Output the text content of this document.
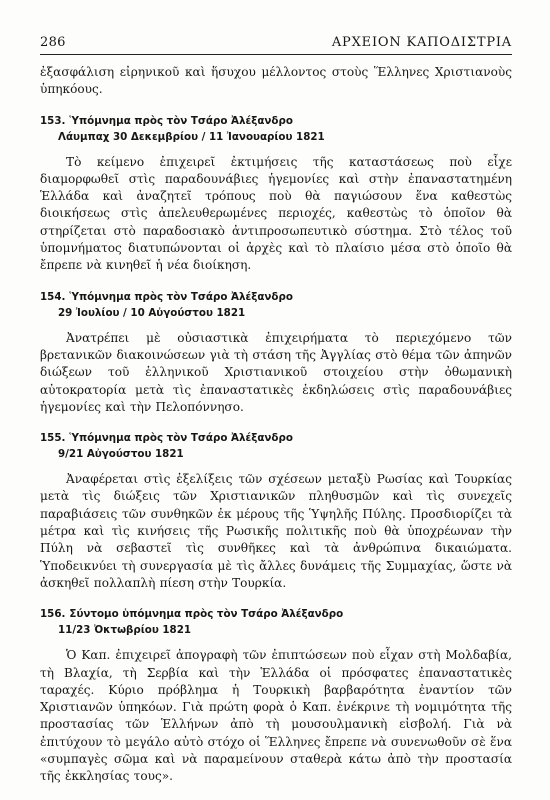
286	ΑΡΧΕΙΟΝ ΚΑΠΟΔΙΣΤΡΙΑ

ἐξασφάλιση εἰρηνικοῦ καὶ ἥσυχου μέλλοντος στοὺς Ἕλληνες Χριστιανοὺς ὑπηκόους.

153. Ὑπόμνημα πρὸς τὸν Τσάρο Ἀλέξανδρο
Λάυμπαχ 30 Δεκεμβρίου / 11 Ἰανουαρίου 1821

Τὸ κείμενο ἐπιχειρεῖ ἐκτιμήσεις τῆς καταστάσεως ποὺ εἶχε διαμορφωθεῖ στὶς παραδουνάβιες ἡγεμονίες καὶ στὴν ἐπαναστατημένη Ἑλλάδα καὶ ἀναζητεῖ τρόπους ποὺ θὰ παγιώσουν ἕνα καθεστὼς διοικήσεως στὶς ἀπελευθερωμένες περιοχές, καθεστὼς τὸ ὁποῖον θὰ στηρίζεται στὸ παραδοσιακὸ ἀντιπροσωπευτικὸ σύστημα. Στὸ τέλος τοῦ ὑπομνήματος διατυπώνονται οἱ ἀρχὲς καὶ τὸ πλαίσιο μέσα στὸ ὁποῖο θὰ ἔπρεπε νὰ κινηθεῖ ἡ νέα διοίκηση.

154. Ὑπόμνημα πρὸς τὸν Τσάρο Ἀλέξανδρο
29 Ἰουλίου / 10 Αὐγούστου 1821

Ἀνατρέπει μὲ οὐσιαστικὰ ἐπιχειρήματα τὸ περιεχόμενο τῶν βρετανικῶν διακοινώσεων γιὰ τὴ στάση τῆς Ἀγγλίας στὸ θέμα τῶν ἀπηνῶν διώξεων τοῦ ἑλληνικοῦ Χριστιανικοῦ στοιχείου στὴν ὀθωμανικὴ αὐτοκρατορία μετὰ τὶς ἐπαναστατικὲς ἐκδηλώσεις στὶς παραδουνάβιες ἡγεμονίες καὶ τὴν Πελοπόννησο.

155. Ὑπόμνημα πρὸς τὸν Τσάρο Ἀλέξανδρο
9/21 Αὐγούστου 1821

Ἀναφέρεται στὶς ἐξελίξεις τῶν σχέσεων μεταξὺ Ρωσίας καὶ Τουρκίας μετὰ τὶς διώξεις τῶν Χριστιανικῶν πληθυσμῶν καὶ τὶς συνεχεῖς παραβιάσεις τῶν συνθηκῶν ἐκ μέρους τῆς Ὑψηλῆς Πύλης. Προσδιορίζει τὰ μέτρα καὶ τὶς κινήσεις τῆς Ρωσικῆς πολιτικῆς ποὺ θὰ ὑποχρέωναν τὴν Πύλη νὰ σεβαστεῖ τὶς συνθῆκες καὶ τὰ ἀνθρώπινα δικαιώματα. Ὑποδεικνύει τὴ συνεργασία μὲ τὶς ἄλλες δυνάμεις τῆς Συμμαχίας, ὥστε νὰ ἀσκηθεῖ πολλαπλὴ πίεση στὴν Τουρκία.

156. Σύντομο ὑπόμνημα πρὸς τὸν Τσάρο Ἀλέξανδρο
11/23 Ὀκτωβρίου 1821

Ὁ Καπ. ἐπιχειρεῖ ἀπογραφὴ τῶν ἐπιπτώσεων ποὺ εἶχαν στὴ Μολδαβία, τὴ Βλαχία, τὴ Σερβία καὶ τὴν Ἑλλάδα οἱ πρόσφατες ἐπαναστατικὲς ταραχές. Κύριο πρόβλημα ἡ Τουρκικὴ βαρβαρότητα ἐναντίον τῶν Χριστιανῶν ὑπηκόων. Γιὰ πρώτη φορὰ ὁ Καπ. ἐνέκρινε τὴ νομιμότητα τῆς προστασίας τῶν Ἑλλήνων ἀπὸ τὴ μουσουλμανικὴ εἰσβολή. Γιὰ νὰ ἐπιτύχουν τὸ μεγάλο αὐτὸ στόχο οἱ Ἕλληνες ἔπρεπε νὰ συνενωθοῦν σὲ ἕνα «συμπαγὲς σῶμα καὶ νὰ παραμείνουν σταθερὰ κάτω ἀπὸ τὴν προστασία τῆς ἐκκλησίας τους».
